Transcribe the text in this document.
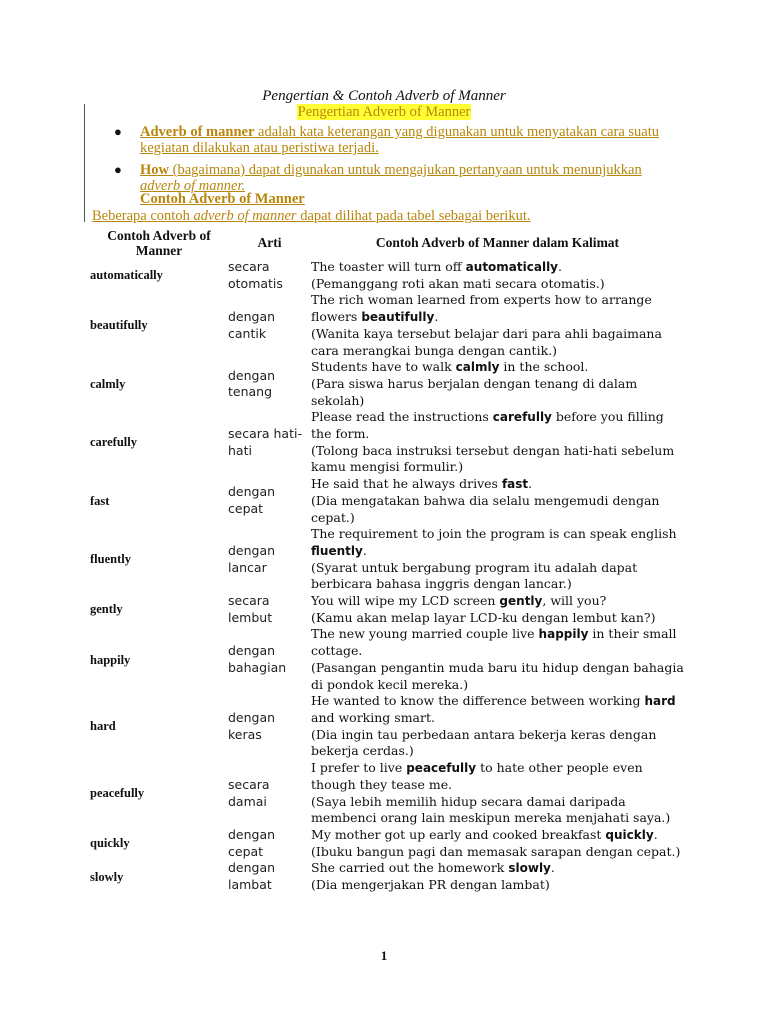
Pengertian & Contoh Adverb of Manner
Pengertian Adverb of Manner
● Adverb of manner adalah kata keterangan yang digunakan untuk menyatakan cara suatu kegiatan dilakukan atau peristiwa terjadi.
● How (bagaimana) dapat digunakan untuk mengajukan pertanyaan untuk menunjukkan adverb of manner.
Contoh Adverb of Manner
Beberapa contoh adverb of manner dapat dilihat pada tabel sebagai berikut.
Contoh Adverb of Manner	Arti	Contoh Adverb of Manner dalam Kalimat
automatically	secara otomatis	The toaster will turn off automatically.
(Pemanggang roti akan mati secara otomatis.)
beautifully	dengan cantik	The rich woman learned from experts how to arrange flowers beautifully.
(Wanita kaya tersebut belajar dari para ahli bagaimana cara merangkai bunga dengan cantik.)
calmly	dengan tenang	Students have to walk calmly in the school.
(Para siswa harus berjalan dengan tenang di dalam sekolah)
carefully	secara hati-hati	Please read the instructions carefully before you filling the form.
(Tolong baca instruksi tersebut dengan hati-hati sebelum kamu mengisi formulir.)
fast	dengan cepat	He said that he always drives fast.
(Dia mengatakan bahwa dia selalu mengemudi dengan cepat.)
fluently	dengan lancar	The requirement to join the program is can speak english fluently.
(Syarat untuk bergabung program itu adalah dapat berbicara bahasa inggris dengan lancar.)
gently	secara lembut	You will wipe my LCD screen gently, will you?
(Kamu akan melap layar LCD-ku dengan lembut kan?)
happily	dengan bahagian	The new young married couple live happily in their small cottage.
(Pasangan pengantin muda baru itu hidup dengan bahagia di pondok kecil mereka.)
hard	dengan keras	He wanted to know the difference between working hard and working smart.
(Dia ingin tau perbedaan antara bekerja keras dengan bekerja cerdas.)
peacefully	secara damai	I prefer to live peacefully to hate other people even though they tease me.
(Saya lebih memilih hidup secara damai daripada membenci orang lain meskipun mereka menjahati saya.)
quickly	dengan cepat	My mother got up early and cooked breakfast quickly.
(Ibuku bangun pagi dan memasak sarapan dengan cepat.)
slowly	dengan lambat	She carried out the homework slowly.
(Dia mengerjakan PR dengan lambat)
1
